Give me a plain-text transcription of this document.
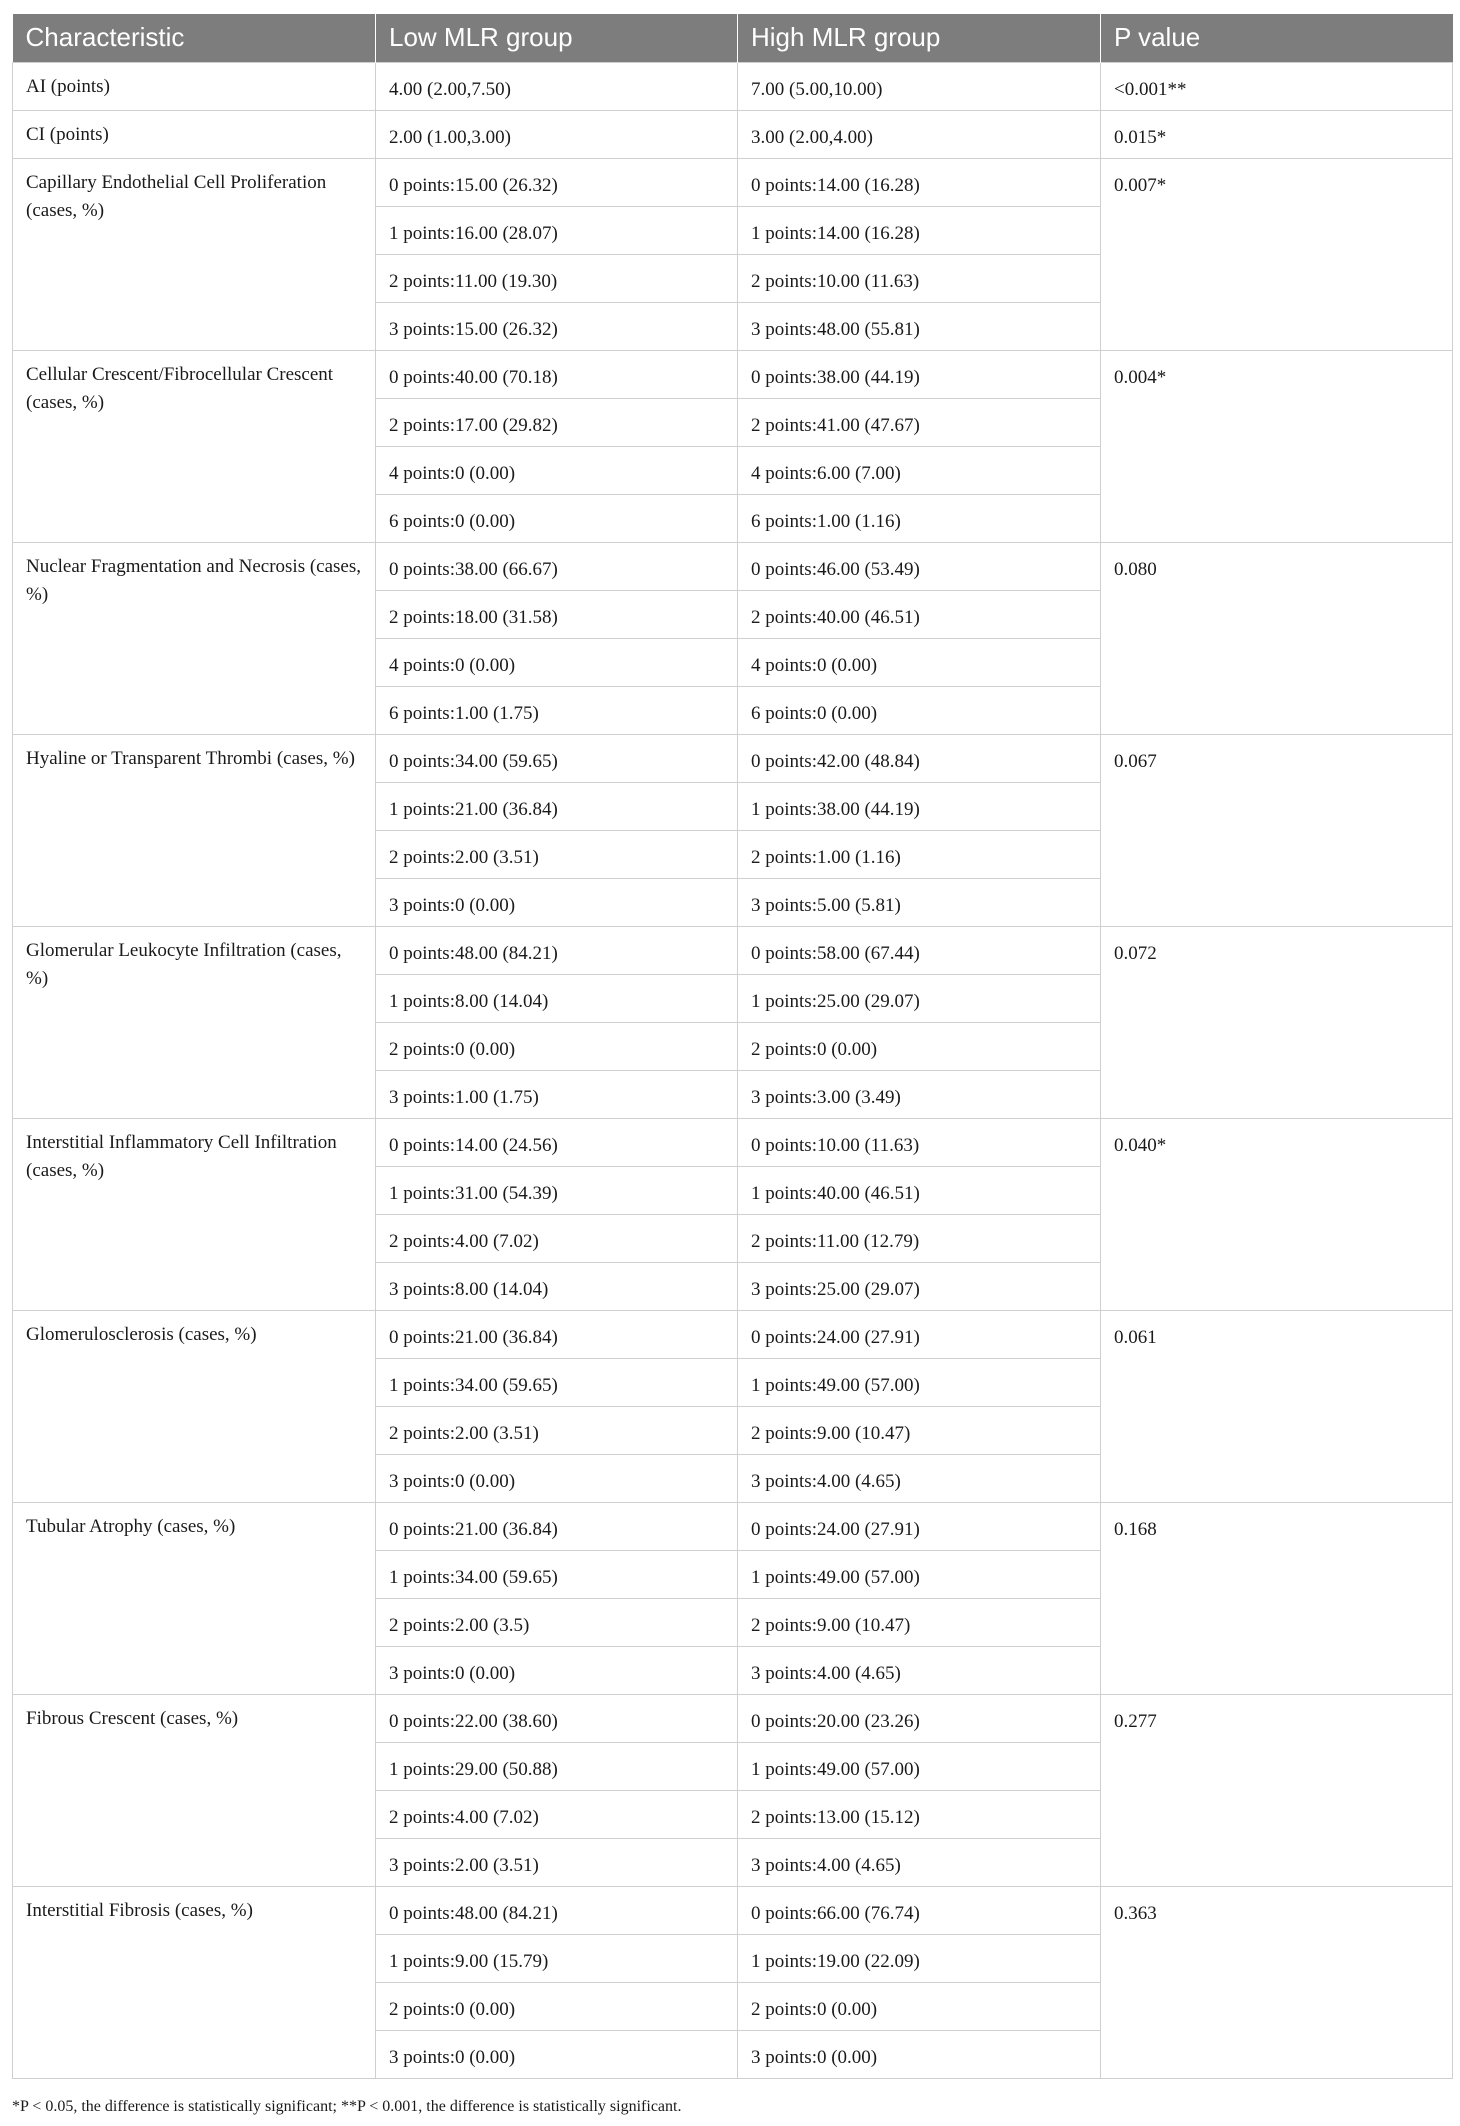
Characteristic	Low MLR group	High MLR group	P value
AI (points)	4.00 (2.00,7.50)	7.00 (5.00,10.00)	<0.001**
CI (points)	2.00 (1.00,3.00)	3.00 (2.00,4.00)	0.015*
Capillary Endothelial Cell Proliferation (cases, %)	0 points:15.00 (26.32)	0 points:14.00 (16.28)	0.007*
	1 points:16.00 (28.07)	1 points:14.00 (16.28)	
	2 points:11.00 (19.30)	2 points:10.00 (11.63)	
	3 points:15.00 (26.32)	3 points:48.00 (55.81)	
Cellular Crescent/Fibrocellular Crescent (cases, %)	0 points:40.00 (70.18)	0 points:38.00 (44.19)	0.004*
	2 points:17.00 (29.82)	2 points:41.00 (47.67)	
	4 points:0 (0.00)	4 points:6.00 (7.00)	
	6 points:0 (0.00)	6 points:1.00 (1.16)	
Nuclear Fragmentation and Necrosis (cases, %)	0 points:38.00 (66.67)	0 points:46.00 (53.49)	0.080
	2 points:18.00 (31.58)	2 points:40.00 (46.51)	
	4 points:0 (0.00)	4 points:0 (0.00)	
	6 points:1.00 (1.75)	6 points:0 (0.00)	
Hyaline or Transparent Thrombi (cases, %)	0 points:34.00 (59.65)	0 points:42.00 (48.84)	0.067
	1 points:21.00 (36.84)	1 points:38.00 (44.19)	
	2 points:2.00 (3.51)	2 points:1.00 (1.16)	
	3 points:0 (0.00)	3 points:5.00 (5.81)	
Glomerular Leukocyte Infiltration (cases, %)	0 points:48.00 (84.21)	0 points:58.00 (67.44)	0.072
	1 points:8.00 (14.04)	1 points:25.00 (29.07)	
	2 points:0 (0.00)	2 points:0 (0.00)	
	3 points:1.00 (1.75)	3 points:3.00 (3.49)	
Interstitial Inflammatory Cell Infiltration (cases, %)	0 points:14.00 (24.56)	0 points:10.00 (11.63)	0.040*
	1 points:31.00 (54.39)	1 points:40.00 (46.51)	
	2 points:4.00 (7.02)	2 points:11.00 (12.79)	
	3 points:8.00 (14.04)	3 points:25.00 (29.07)	
Glomerulosclerosis (cases, %)	0 points:21.00 (36.84)	0 points:24.00 (27.91)	0.061
	1 points:34.00 (59.65)	1 points:49.00 (57.00)	
	2 points:2.00 (3.51)	2 points:9.00 (10.47)	
	3 points:0 (0.00)	3 points:4.00 (4.65)	
Tubular Atrophy (cases, %)	0 points:21.00 (36.84)	0 points:24.00 (27.91)	0.168
	1 points:34.00 (59.65)	1 points:49.00 (57.00)	
	2 points:2.00 (3.5)	2 points:9.00 (10.47)	
	3 points:0 (0.00)	3 points:4.00 (4.65)	
Fibrous Crescent (cases, %)	0 points:22.00 (38.60)	0 points:20.00 (23.26)	0.277
	1 points:29.00 (50.88)	1 points:49.00 (57.00)	
	2 points:4.00 (7.02)	2 points:13.00 (15.12)	
	3 points:2.00 (3.51)	3 points:4.00 (4.65)	
Interstitial Fibrosis (cases, %)	0 points:48.00 (84.21)	0 points:66.00 (76.74)	0.363
	1 points:9.00 (15.79)	1 points:19.00 (22.09)	
	2 points:0 (0.00)	2 points:0 (0.00)	
	3 points:0 (0.00)	3 points:0 (0.00)	
*P < 0.05, the difference is statistically significant; **P < 0.001, the difference is statistically significant.
